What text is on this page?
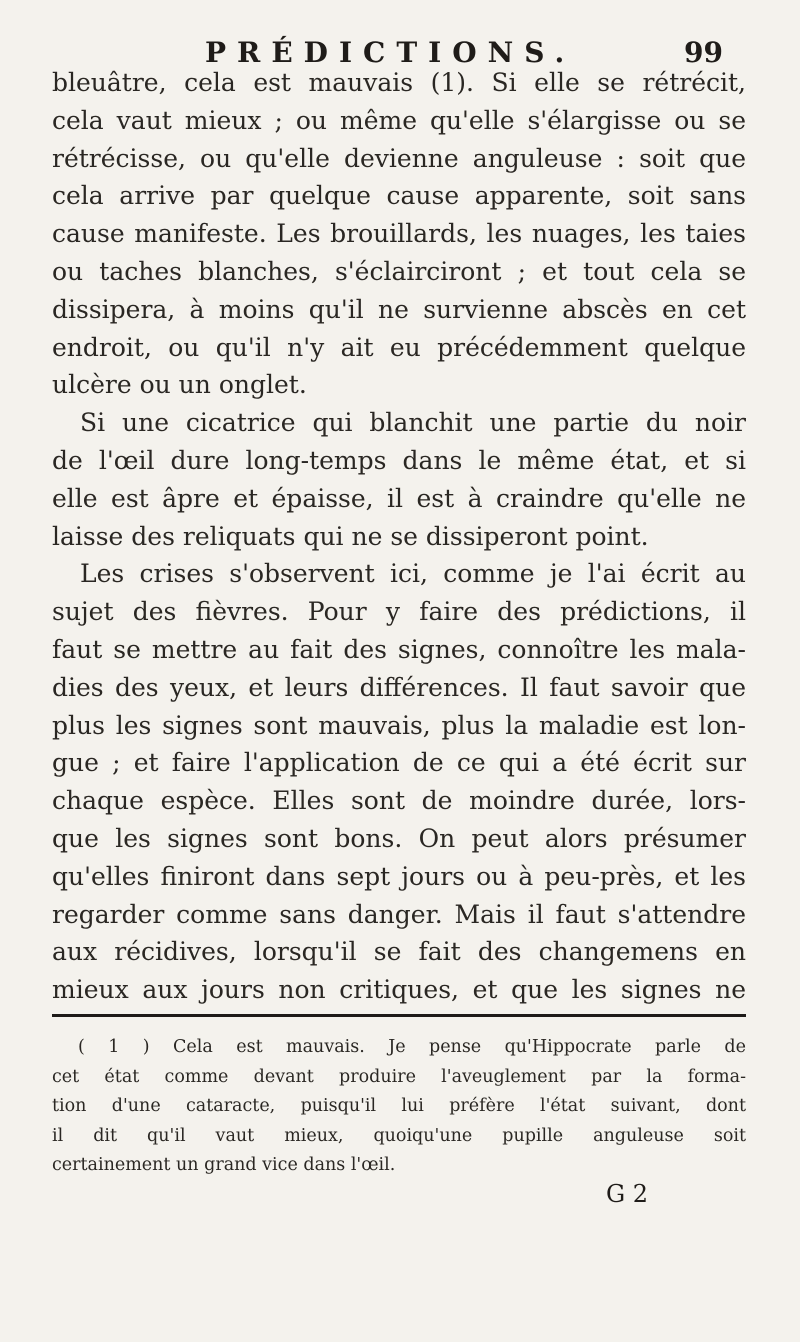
PRÉDICTIONS.	99

bleuâtre, cela est mauvais (1). Si elle se rétrécit,

cela vaut mieux ; ou même qu'elle s'élargisse ou se

rétrécisse, ou qu'elle devienne anguleuse : soit que

cela arrive par quelque cause apparente, soit sans

cause manifeste. Les brouillards, les nuages, les taies

ou taches blanches, s'éclairciront ; et tout cela se

dissipera, à moins qu'il ne survienne abscès en cet

endroit, ou qu'il n'y ait eu précédemment quelque

ulcère ou un onglet.

Si une cicatrice qui blanchit une partie du noir

de l'œil dure long-temps dans le même état, et si

elle est âpre et épaisse, il est à craindre qu'elle ne

laisse des reliquats qui ne se dissiperont point.

Les crises s'observent ici, comme je l'ai écrit au

sujet des fièvres. Pour y faire des prédictions, il

faut se mettre au fait des signes, connoître les mala-

dies des yeux, et leurs différences. Il faut savoir que

plus les signes sont mauvais, plus la maladie est lon-

gue ; et faire l'application de ce qui a été écrit sur

chaque espèce. Elles sont de moindre durée, lors-

que les signes sont bons. On peut alors présumer

qu'elles finiront dans sept jours ou à peu-près, et les

regarder comme sans danger. Mais il faut s'attendre

aux récidives, lorsqu'il se fait des changemens en

mieux aux jours non critiques, et que les signes ne

( 1 ) Cela est mauvais. Je pense qu'Hippocrate parle de

cet état comme devant produire l'aveuglement par la forma-

tion d'une cataracte, puisqu'il lui préfère l'état suivant, dont

il dit qu'il vaut mieux, quoiqu'une pupille anguleuse soit

certainement un grand vice dans l'œil.

G 2
